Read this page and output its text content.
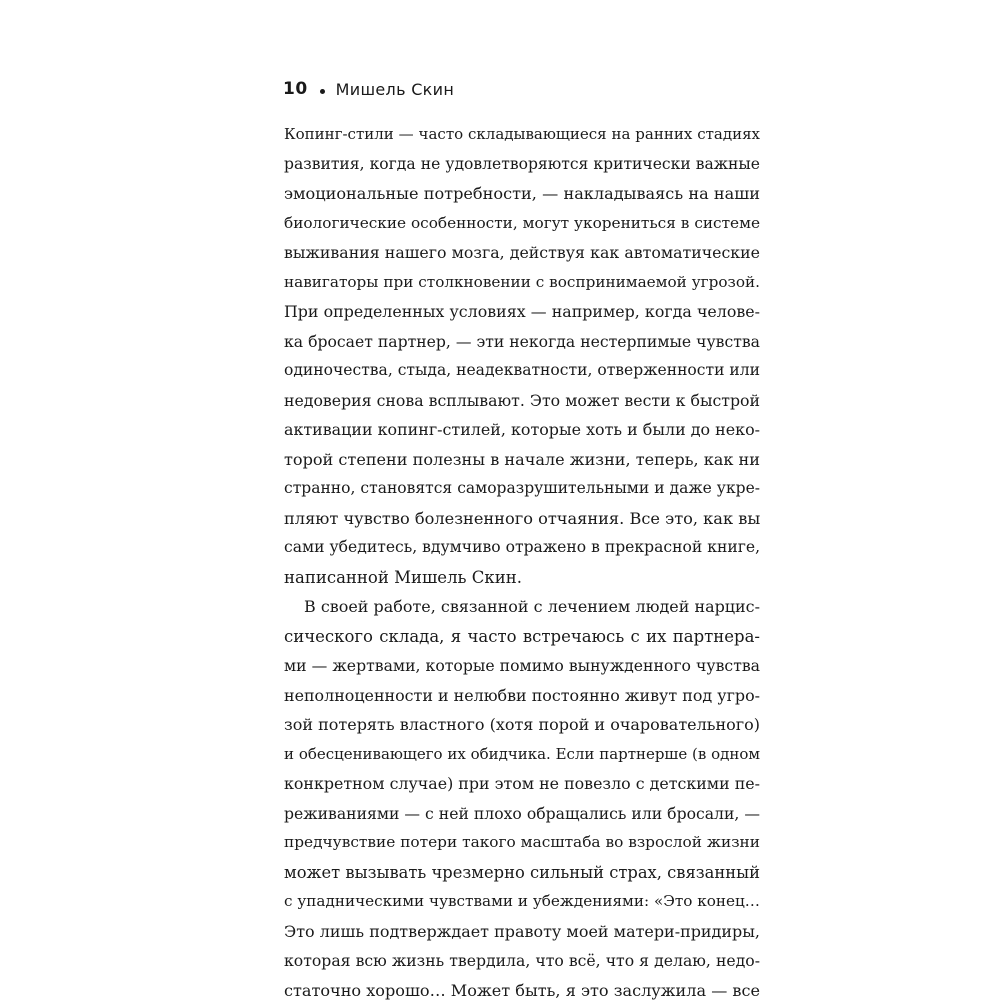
10 Мишель Скин
Копинг-стили — часто складывающиеся на ранних стадиях
развития, когда не удовлетворяются критически важные
эмоциональные потребности, — накладываясь на наши
биологические особенности, могут укорениться в системе
выживания нашего мозга, действуя как автоматические
навигаторы при столкновении с воспринимаемой угрозой.
При определенных условиях — например, когда челове-
ка бросает партнер, — эти некогда нестерпимые чувства
одиночества, стыда, неадекватности, отверженности или
недоверия снова всплывают. Это может вести к быстрой
активации копинг-стилей, которые хоть и были до неко-
торой степени полезны в начале жизни, теперь, как ни
странно, становятся саморазрушительными и даже укре-
пляют чувство болезненного отчаяния. Все это, как вы
сами убедитесь, вдумчиво отражено в прекрасной книге,
написанной Мишель Скин.
В своей работе, связанной с лечением людей нарцис-
сического склада, я часто встречаюсь с их партнера-
ми — жертвами, которые помимо вынужденного чувства
неполноценности и нелюбви постоянно живут под угро-
зой потерять властного (хотя порой и очаровательного)
и обесценивающего их обидчика. Если партнерше (в одном
конкретном случае) при этом не повезло с детскими пе-
реживаниями — с ней плохо обращались или бросали, —
предчувствие потери такого масштаба во взрослой жизни
может вызывать чрезмерно сильный страх, связанный
с упадническими чувствами и убеждениями: «Это конец…
Это лишь подтверждает правоту моей матери-придиры,
которая всю жизнь твердила, что всё, что я делаю, недо-
статочно хорошо… Может быть, я это заслужила — все
